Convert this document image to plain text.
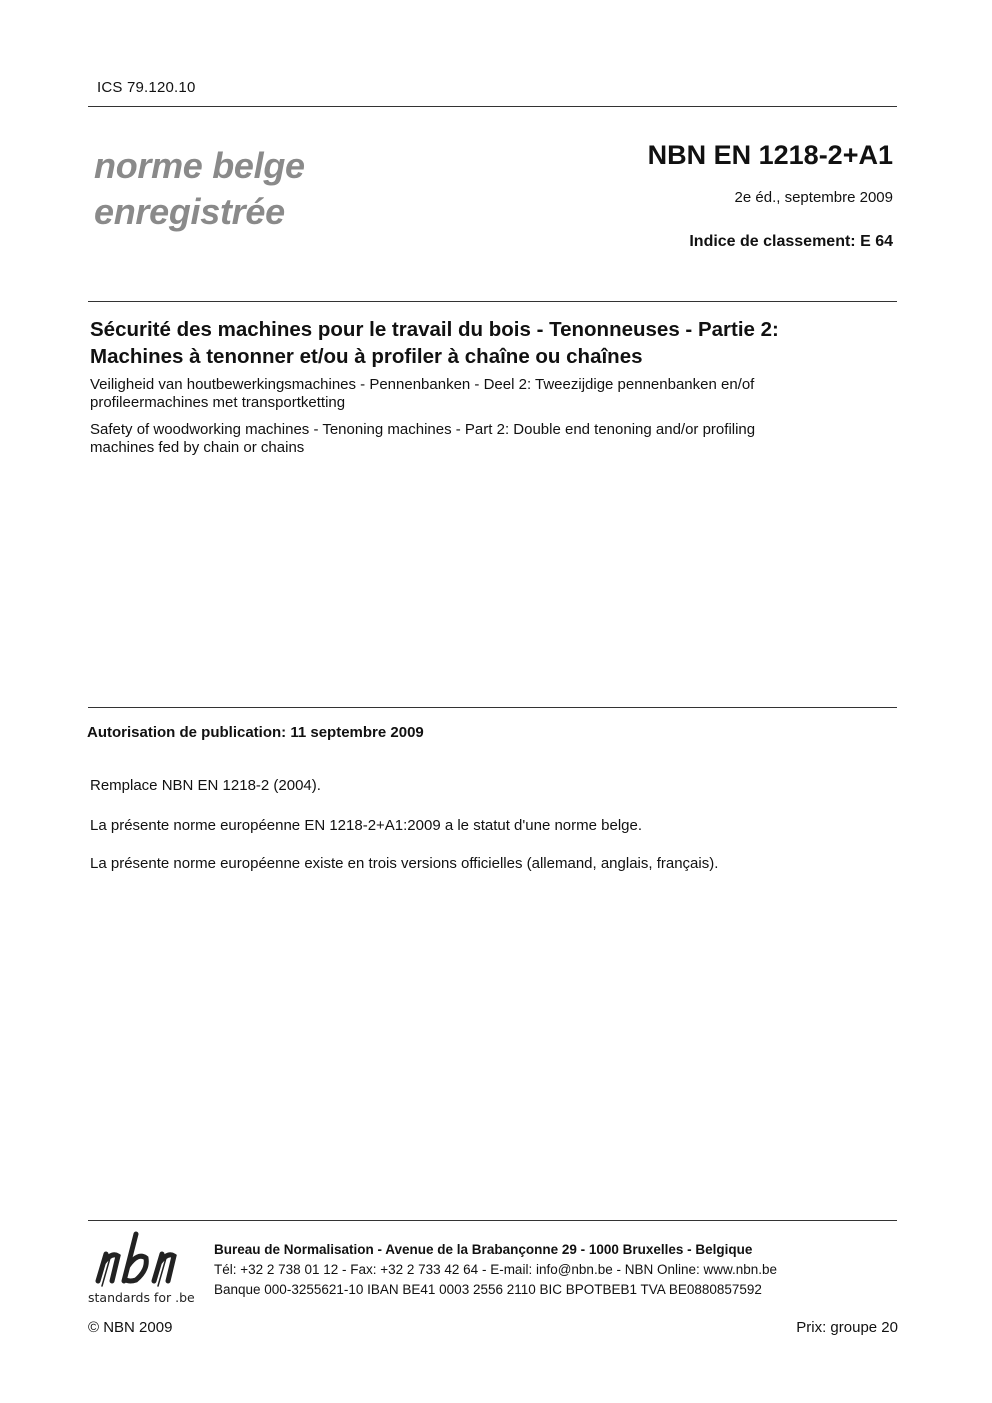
ICS 79.120.10
norme belge
enregistrée
NBN EN 1218-2+A1
2e éd., septembre 2009
Indice de classement: E 64
Sécurité des machines pour le travail du bois - Tenonneuses - Partie 2:
Machines à tenonner et/ou à profiler à chaîne ou chaînes
Veiligheid van houtbewerkingsmachines - Pennenbanken - Deel 2: Tweezijdige pennenbanken en/of
profileermachines met transportketting
Safety of woodworking machines - Tenoning machines - Part 2: Double end tenoning and/or profiling
machines fed by chain or chains
Autorisation de publication: 11 septembre 2009
Remplace NBN EN 1218-2 (2004).
La présente norme européenne EN 1218-2+A1:2009 a le statut d'une norme belge.
La présente norme européenne existe en trois versions officielles (allemand, anglais, français).
standards for .be
Bureau de Normalisation - Avenue de la Brabançonne 29 - 1000 Bruxelles - Belgique
Tél: +32 2 738 01 12 - Fax: +32 2 733 42 64 - E-mail: info@nbn.be - NBN Online: www.nbn.be
Banque 000-3255621-10 IBAN BE41 0003 2556 2110 BIC BPOTBEB1 TVA BE0880857592
© NBN 2009	Prix: groupe 20
